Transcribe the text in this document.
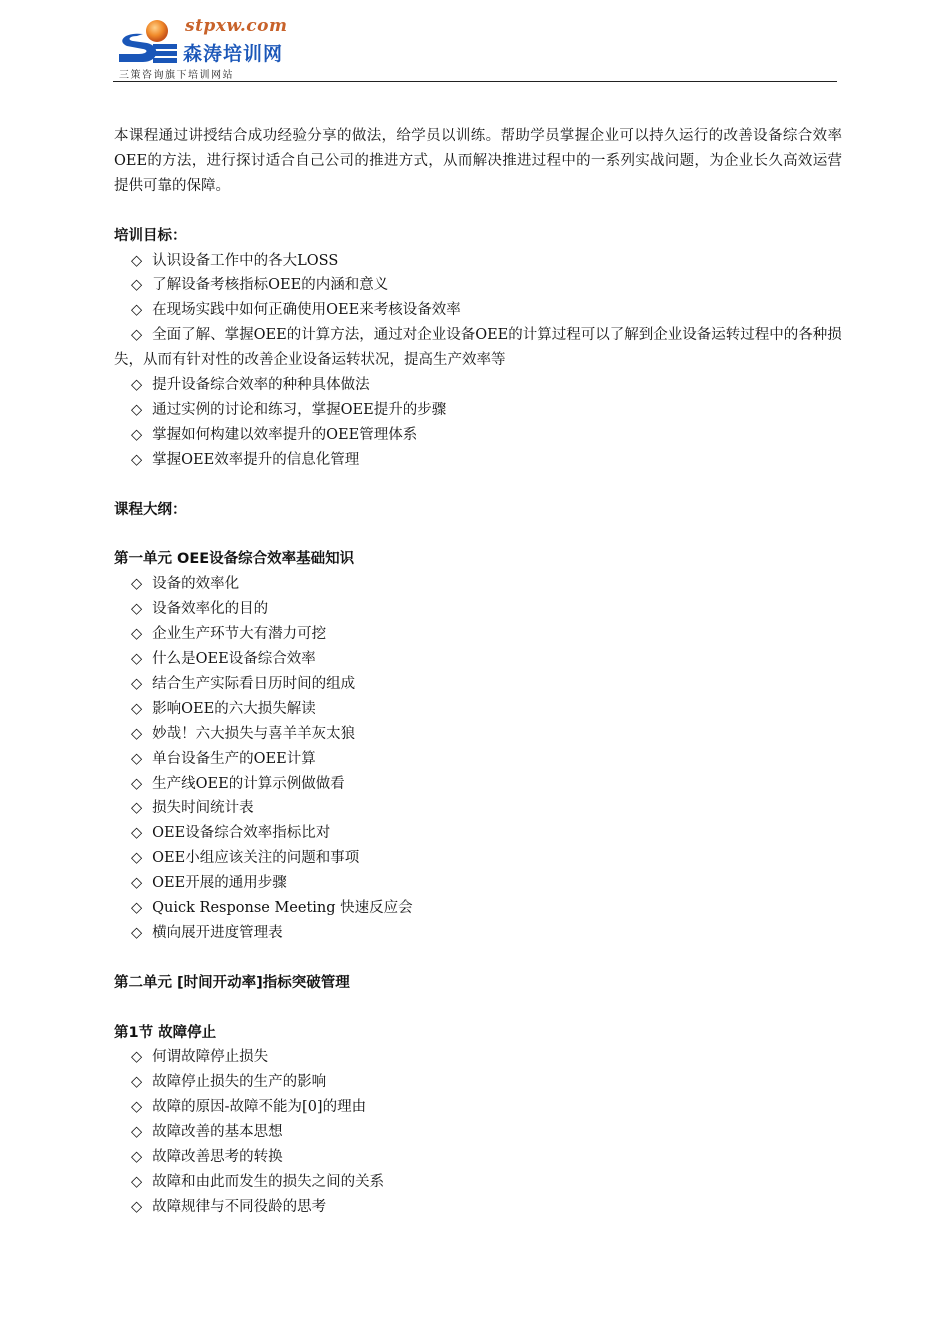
stpxw.com
森涛培训网
三策咨询旗下培训网站

本课程通过讲授结合成功经验分享的做法，给学员以训练。帮助学员掌握企业可以持久运行的改善设备综合效率OEE的方法，进行探讨适合自己公司的推进方式，从而解决推进过程中的一系列实战问题，为企业长久高效运营提供可靠的保障。

培训目标：

◇ 认识设备工作中的各大LOSS

◇ 了解设备考核指标OEE的内涵和意义

◇ 在现场实践中如何正确使用OEE来考核设备效率

◇ 全面了解、掌握OEE的计算方法，通过对企业设备OEE的计算过程可以了解到企业设备运转过程中的各种损失，从而有针对性的改善企业设备运转状况，提高生产效率等

◇ 提升设备综合效率的种种具体做法

◇ 通过实例的讨论和练习，掌握OEE提升的步骤

◇ 掌握如何构建以效率提升的OEE管理体系

◇ 掌握OEE效率提升的信息化管理

课程大纲：

第一单元 OEE设备综合效率基础知识

◇ 设备的效率化

◇ 设备效率化的目的

◇ 企业生产环节大有潜力可挖

◇ 什么是OEE设备综合效率

◇ 结合生产实际看日历时间的组成

◇ 影响OEE的六大损失解读

◇ 妙哉！六大损失与喜羊羊灰太狼

◇ 单台设备生产的OEE计算

◇ 生产线OEE的计算示例做做看

◇ 损失时间统计表

◇ OEE设备综合效率指标比对

◇ OEE小组应该关注的问题和事项

◇ OEE开展的通用步骤

◇ Quick Response Meeting 快速反应会

◇ 横向展开进度管理表

第二单元 [时间开动率]指标突破管理

第1节 故障停止

◇ 何谓故障停止损失

◇ 故障停止损失的生产的影响

◇ 故障的原因-故障不能为[0]的理由

◇ 故障改善的基本思想

◇ 故障改善思考的转换

◇ 故障和由此而发生的损失之间的关系

◇ 故障规律与不同役龄的思考
